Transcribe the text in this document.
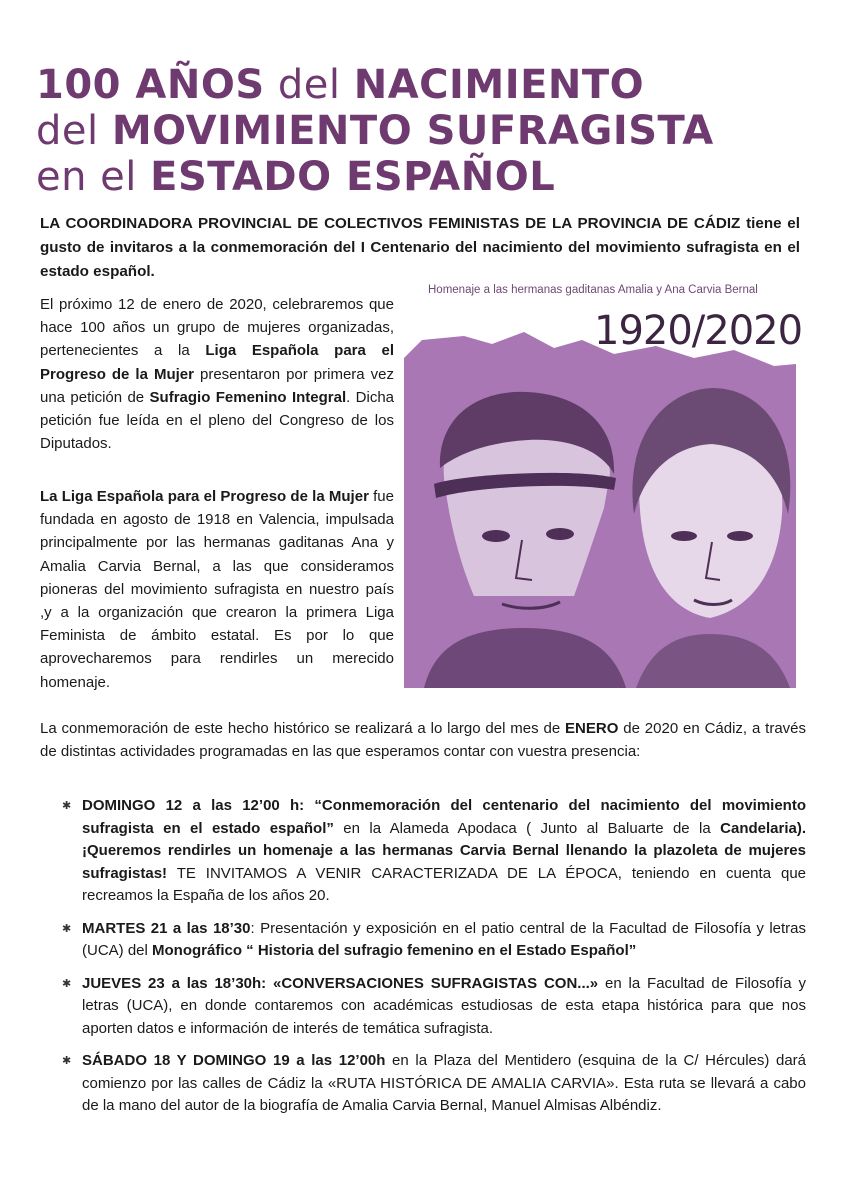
100 AÑOS del NACIMIENTO
del MOVIMIENTO SUFRAGISTA
en el ESTADO ESPAÑOL
LA COORDINADORA PROVINCIAL DE COLECTIVOS FEMINISTAS DE LA PROVINCIA DE CÁDIZ tiene el gusto de invitaros a la conmemoración del I Centenario del nacimiento del movimiento sufragista en el estado español.
El próximo 12 de enero de 2020, celebraremos que hace 100 años un grupo de mujeres organizadas, pertenecientes a la Liga Española para el Progreso de la Mujer presentaron por primera vez una petición de Sufragio Femenino Integral. Dicha petición fue leída en el pleno del Congreso de los Diputados.
La Liga Española para el Progreso de la Mujer fue fundada en agosto de 1918 en Valencia, impulsada principalmente por las hermanas gaditanas Ana y Amalia Carvia Bernal, a las que consideramos pioneras del movimiento sufragista en nuestro país ,y a la organización que crearon la primera Liga Feminista de ámbito estatal. Es por lo que aprovecharemos para rendirles un merecido homenaje.
Homenaje a las hermanas gaditanas Amalia y Ana Carvia Bernal
1920/2020
La conmemoración de este hecho histórico se realizará a lo largo del mes de ENERO de 2020 en Cádiz, a través de distintas actividades programadas en las que esperamos contar con vuestra presencia:
✱ DOMINGO 12 a las 12’00 h: “Conmemoración del centenario del nacimiento del movimiento sufragista en el estado español” en la Alameda Apodaca ( Junto al Baluarte de la Candelaria). ¡Queremos rendirles un homenaje a las hermanas Carvia Bernal llenando la plazoleta de mujeres sufragistas! TE INVITAMOS A VENIR CARACTERIZADA DE LA ÉPOCA, teniendo en cuenta que recreamos la España de los años 20.
✱ MARTES 21 a las 18’30: Presentación y exposición en el patio central de la Facultad de Filosofía y letras (UCA) del Monográfico “ Historia del sufragio femenino en el Estado Español”
✱ JUEVES 23 a las 18’30h: «CONVERSACIONES SUFRAGISTAS CON...» en la Facultad de Filosofía y letras (UCA), en donde contaremos con académicas estudiosas de esta etapa histórica para que nos aporten datos e información de interés de temática sufragista.
✱ SÁBADO 18 Y DOMINGO 19 a las 12’00h en la Plaza del Mentidero (esquina de la C/ Hércules) dará comienzo por las calles de Cádiz la «RUTA HISTÓRICA DE AMALIA CARVIA». Esta ruta se llevará a cabo de la mano del autor de la biografía de Amalia Carvia Bernal, Manuel Almisas Albéndiz.
